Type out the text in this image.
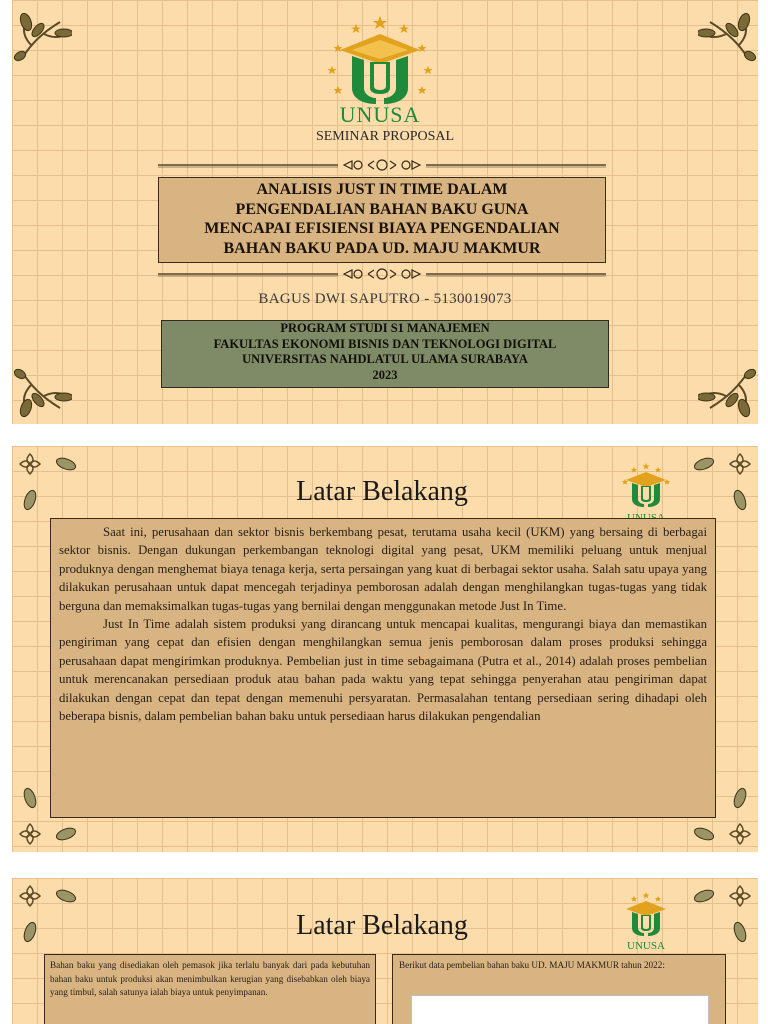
UNUSA
SEMINAR PROPOSAL
ANALISIS JUST IN TIME DALAM
PENGENDALIAN BAHAN BAKU GUNA
MENCAPAI EFISIENSI BIAYA PENGENDALIAN
BAHAN BAKU PADA UD. MAJU MAKMUR
BAGUS DWI SAPUTRO - 5130019073
PROGRAM STUDI S1 MANAJEMEN
FAKULTAS EKONOMI BISNIS DAN TEKNOLOGI DIGITAL
UNIVERSITAS NAHDLATUL ULAMA SURABAYA
2023
Latar Belakang

Saat ini, perusahaan dan sektor bisnis berkembang pesat, terutama usaha kecil (UKM) yang bersaing di berbagai sektor bisnis. Dengan dukungan perkembangan teknologi digital yang pesat, UKM memiliki peluang untuk menjual produknya dengan menghemat biaya tenaga kerja, serta persaingan yang kuat di berbagai sektor usaha. Salah satu upaya yang dilakukan perusahaan untuk dapat mencegah terjadinya pemborosan adalah dengan menghilangkan tugas-tugas yang tidak berguna dan memaksimalkan tugas-tugas yang bernilai dengan menggunakan metode Just In Time.

Just In Time adalah sistem produksi yang dirancang untuk mencapai kualitas, mengurangi biaya dan memastikan pengiriman yang cepat dan efisien dengan menghilangkan semua jenis pemborosan dalam proses produksi sehingga perusahaan dapat mengirimkan produknya. Pembelian just in time sebagaimana (Putra et al., 2014) adalah proses pembelian untuk merencanakan persediaan produk atau bahan pada waktu yang tepat sehingga penyerahan atau pengiriman dapat dilakukan dengan cepat dan tepat dengan memenuhi persyaratan. Permasalahan tentang persediaan sering dihadapi oleh beberapa bisnis, dalam pembelian bahan baku untuk persediaan harus dilakukan pengendalian

Latar Belakang
UNUSA
Bahan baku yang disediakan oleh pemasok jika terlalu banyak dari pada kebutuhan bahan baku untuk produksi akan menimbulkan kerugian yang disebabkan oleh biaya yang timbul, salah satunya ialah biaya untuk penyimpanan.
Berikut data pembelian bahan baku UD. MAJU MAKMUR tahun 2022:
